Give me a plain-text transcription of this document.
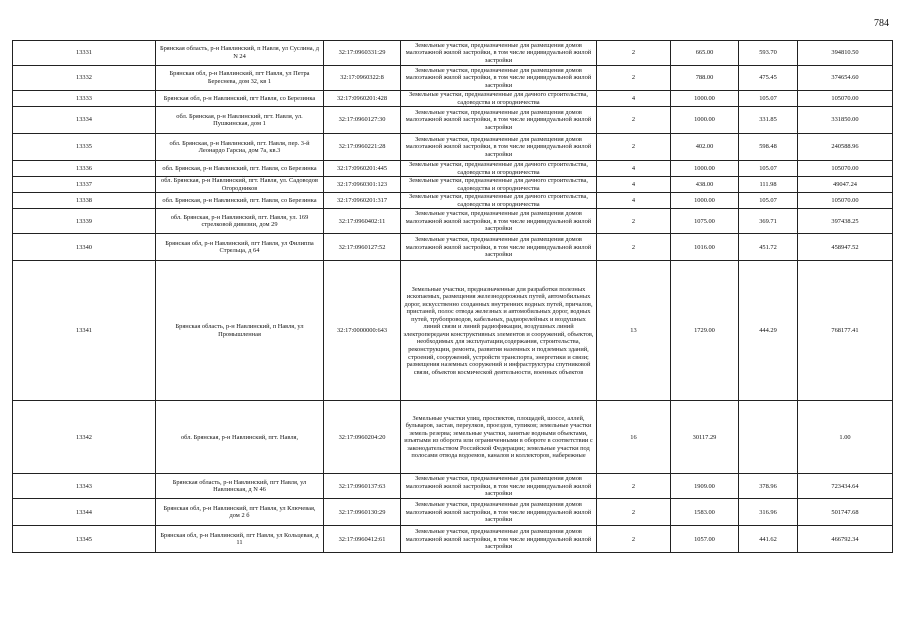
784
13331	Брянская область, р-н Навлинский, п Навля, ул Суслина, д N 24	32:17:0960331:29	Земельные участки, предназначенные для размещения домов малоэтажной жилой застройки, в том числе индивидуальной жилой застройки	2	665.00	593.70	394810.50
13332	Брянская обл, р-н Навлинский, пгт Навля, ул Петра Береснева, дом 32, кв 1	32:17:0960322:8	Земельные участки, предназначенные для размещения домов малоэтажной жилой застройки, в том числе индивидуальной жилой застройки	2	788.00	475.45	374654.60
13333	Брянская обл, р-н Навлинский, пгт Навля, со Березинка	32:17:0960201:428	Земельные участки, предназначенные для дачного строительства, садоводства и огородничества	4	1000.00	105.07	105070.00
13334	обл. Брянская, р-н Навлинский, пгт. Навля, ул. Пушкинская, дом 1	32:17:0960127:30	Земельные участки, предназначенные для размещения домов малоэтажной жилой застройки, в том числе индивидуальной жилой застройки	2	1000.00	331.85	331850.00
13335	обл. Брянская, р-н Навлинский, пгт. Навля, пер. 3-й Леонардо Гарсиа, дом 7а, кв.3	32:17:0960221:28	Земельные участки, предназначенные для размещения домов малоэтажной жилой застройки, в том числе индивидуальной жилой застройки	2	402.00	598.48	240588.96
13336	обл. Брянская, р-н Навлинский, пгт. Навля, со Березинка	32:17:0960201:445	Земельные участки, предназначенные для дачного строительства, садоводства и огородничества	4	1000.00	105.07	105070.00
13337	обл. Брянская, р-н Навлинский, пгт. Навля, ул. Садоводов Огородников	32:17:0960301:123	Земельные участки, предназначенные для дачного строительства, садоводства и огородничества	4	438.00	111.98	49047.24
13338	обл. Брянская, р-н Навлинский, пгт. Навля, со Березинка	32:17:0960201:317	Земельные участки, предназначенные для дачного строительства, садоводства и огородничества	4	1000.00	105.07	105070.00
13339	обл. Брянская, р-н Навлинский, пгт. Навля, ул. 169 стрелковой дивизии, дом 29	32:17:0960402:11	Земельные участки, предназначенные для размещения домов малоэтажной жилой застройки, в том числе индивидуальной жилой застройки	2	1075.00	369.71	397438.25
13340	Брянская обл, р-н Навлинский, пгт Навля, ул Филиппа Стрельца, д 64	32:17:0960127:52	Земельные участки, предназначенные для размещения домов малоэтажной жилой застройки, в том числе индивидуальной жилой застройки	2	1016.00	451.72	458947.52
13341	Брянская область, р-н Навлинский, п Навля, ул Промышленная	32:17:0000000:643	Земельные участки, предназначенные для разработки полезных ископаемых, размещения железнодорожных путей, автомобильных дорог, искусственно созданных внутренних водных путей, причалов, пристаней, полос отвода железных и автомобильных дорог, водных путей, трубопроводов, кабельных, радиорелейных и воздушных линий связи и линий радиофикации, воздушных линий электропередачи конструктивных элементов и сооружений, объектов, необходимых для эксплуатации,содержания, строительства, реконструкции, ремонта, развития наземных и подземных зданий, строений, сооружений, устройств транспорта, энергетики и связи; размещения наземных сооружений и инфраструктуры спутниковой связи, объектов космической деятельности, военных объектов	13	1729.00	444.29	768177.41
13342	обл. Брянская, р-н Навлинский, пгт. Навля,	32:17:0960204:20	Земельные участки улиц, проспектов, площадей, шоссе, аллей, бульваров, застав, переулков, проездов, тупиков; земельные участки земель резерва; земельные участки, занятые водными объектами, изъятыми из оборота или ограниченными в обороте в соответствии с законодательством Российской Федерации; земельные участки под полосами отвода водоемов, каналов и коллекторов, набережные	16	30117.29		1.00
13343	Брянская область, р-н Навлинский, пгт Навля, ул Навлинская, д N 46	32:17:0960137:63	Земельные участки, предназначенные для размещения домов малоэтажной жилой застройки, в том числе индивидуальной жилой застройки	2	1909.00	378.96	723434.64
13344	Брянская обл, р-н Навлинский, пгт Навля, ул Ключевая, дом 2 б	32:17:0960130:29	Земельные участки, предназначенные для размещения домов малоэтажной жилой застройки, в том числе индивидуальной жилой застройки	2	1583.00	316.96	501747.68
13345	Брянская обл, р-н Навлинский, пгт Навля, ул Кольцевая, д 11	32:17:0960412:61	Земельные участки, предназначенные для размещения домов малоэтажной жилой застройки, в том числе индивидуальной жилой застройки	2	1057.00	441.62	466792.34
